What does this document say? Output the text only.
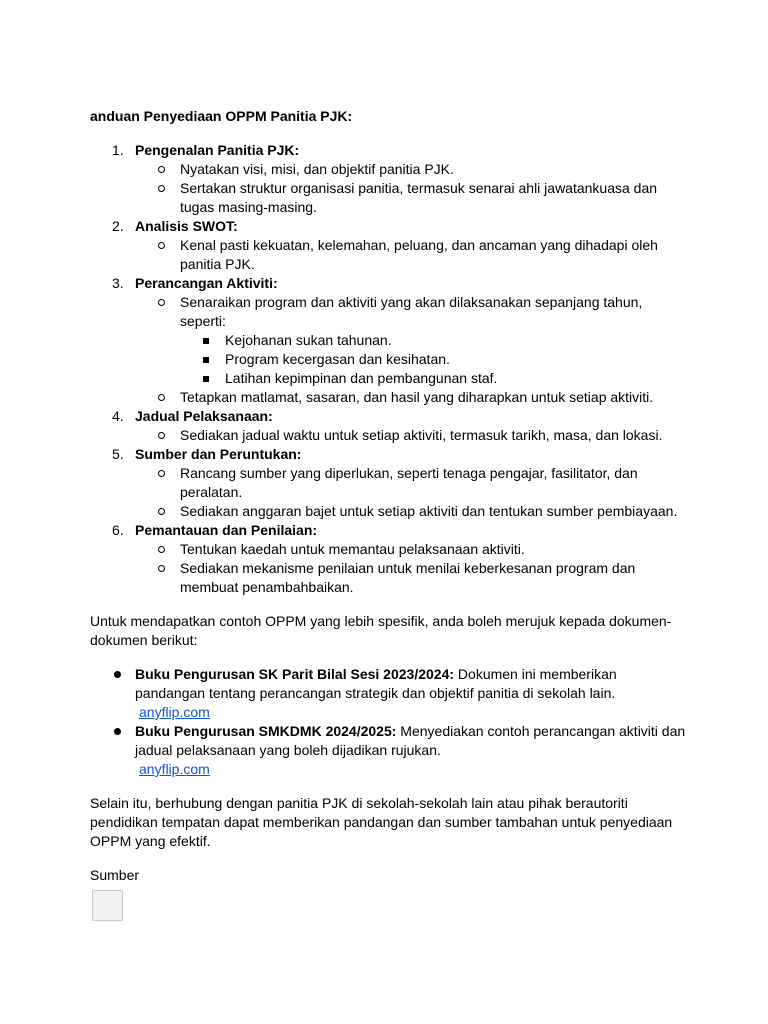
anduan Penyediaan OPPM Panitia PJK:
1. Pengenalan Panitia PJK:
Nyatakan visi, misi, dan objektif panitia PJK.
Sertakan struktur organisasi panitia, termasuk senarai ahli jawatankuasa dan tugas masing-masing.
2. Analisis SWOT:
Kenal pasti kekuatan, kelemahan, peluang, dan ancaman yang dihadapi oleh panitia PJK.
3. Perancangan Aktiviti:
Senaraikan program dan aktiviti yang akan dilaksanakan sepanjang tahun, seperti:
Kejohanan sukan tahunan.
Program kecergasan dan kesihatan.
Latihan kepimpinan dan pembangunan staf.
Tetapkan matlamat, sasaran, dan hasil yang diharapkan untuk setiap aktiviti.
4. Jadual Pelaksanaan:
Sediakan jadual waktu untuk setiap aktiviti, termasuk tarikh, masa, dan lokasi.
5. Sumber dan Peruntukan:
Rancang sumber yang diperlukan, seperti tenaga pengajar, fasilitator, dan peralatan.
Sediakan anggaran bajet untuk setiap aktiviti dan tentukan sumber pembiayaan.
6. Pemantauan dan Penilaian:
Tentukan kaedah untuk memantau pelaksanaan aktiviti.
Sediakan mekanisme penilaian untuk menilai keberkesanan program dan membuat penambahbaikan.
Untuk mendapatkan contoh OPPM yang lebih spesifik, anda boleh merujuk kepada dokumen-dokumen berikut:
Buku Pengurusan SK Parit Bilal Sesi 2023/2024: Dokumen ini memberikan pandangan tentang perancangan strategik dan objektif panitia di sekolah lain.
anyflip.com
Buku Pengurusan SMKDMK 2024/2025: Menyediakan contoh perancangan aktiviti dan jadual pelaksanaan yang boleh dijadikan rujukan.
anyflip.com
Selain itu, berhubung dengan panitia PJK di sekolah-sekolah lain atau pihak berautoriti pendidikan tempatan dapat memberikan pandangan dan sumber tambahan untuk penyediaan OPPM yang efektif.
Sumber
